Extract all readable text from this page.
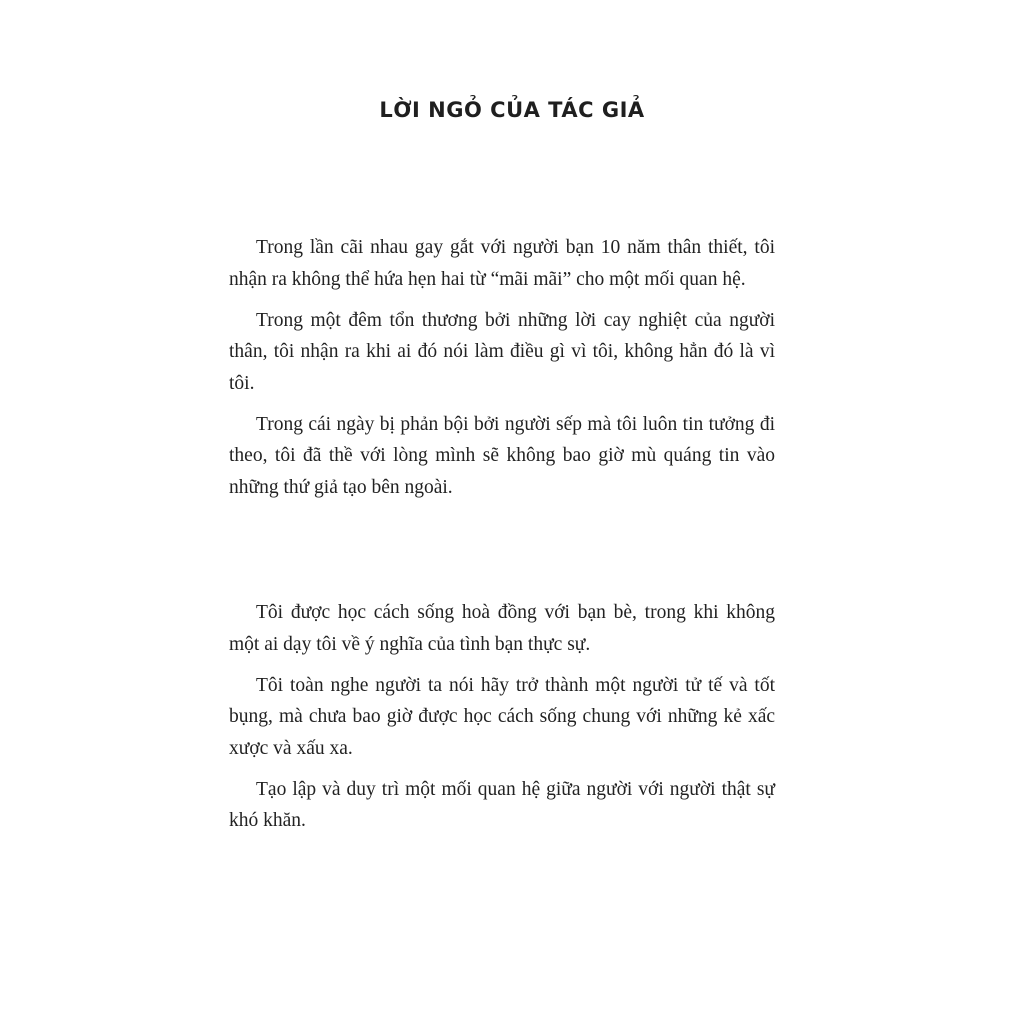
LỜI NGỎ CỦA TÁC GIẢ

Trong lần cãi nhau gay gắt với người bạn 10 năm thân thiết, tôi nhận ra không thể hứa hẹn hai từ “mãi mãi” cho một mối quan hệ.

Trong một đêm tổn thương bởi những lời cay nghiệt của người thân, tôi nhận ra khi ai đó nói làm điều gì vì tôi, không hẳn đó là vì tôi.

Trong cái ngày bị phản bội bởi người sếp mà tôi luôn tin tưởng đi theo, tôi đã thề với lòng mình sẽ không bao giờ mù quáng tin vào những thứ giả tạo bên ngoài.

Tôi được học cách sống hoà đồng với bạn bè, trong khi không một ai dạy tôi về ý nghĩa của tình bạn thực sự.

Tôi toàn nghe người ta nói hãy trở thành một người tử tế và tốt bụng, mà chưa bao giờ được học cách sống chung với những kẻ xấc xược và xấu xa.

Tạo lập và duy trì một mối quan hệ giữa người với người thật sự khó khăn.
